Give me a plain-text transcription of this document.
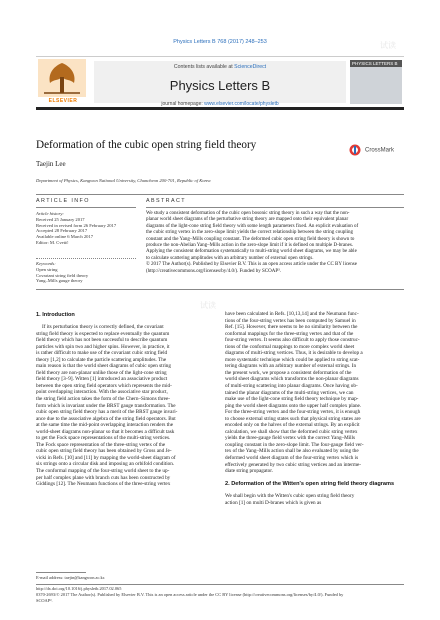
试读
试读
Physics Letters B 768 (2017) 248–253
ELSEVIER
Contents lists available at ScienceDirect
Physics Letters B
journal homepage: www.elsevier.com/locate/physletb
PHYSICS LETTERS B
Deformation of the cubic open string field theory	CrossMark
Taejin Lee
Department of Physics, Kangwon National University, Chuncheon 200-701, Republic of Korea
ARTICLE INFO	ABSTRACT
Article history:
Received 25 January 2017
Received in revised form 26 February 2017
Accepted 28 February 2017
Available online 6 March 2017
Editor: M. Cvetič
Keywords:
Open string
Covariant string field theory
Yang–Mills gauge theory
We study a consistent deformation of the cubic open bosonic string theory in such a way that the non-
planar world sheet diagrams of the perturbative string theory are mapped onto their equivalent planar
diagrams of the light-cone string field theory with some length parameters fixed. An explicit evaluation of
the cubic string vertex in the zero-slope limit yields the correct relationship between the string coupling
constant and the Yang–Mills coupling constant. The deformed cubic open string field theory is shown to
produce the non-Abelian Yang–Mills action in the zero-slope limit if it is defined on multiple D-branes.
Applying the consistent deformation systematically to multi-string world sheet diagrams, we may be able
to calculate scattering amplitudes with an arbitrary number of external open strings.
© 2017 The Author(s). Published by Elsevier B.V. This is an open access article under the CC BY license
(http://creativecommons.org/licenses/by/4.0/). Funded by SCOAP³.
1. Introduction
If its perturbation theory is correctly defined, the covariant
string field theory is expected to replace eventually the quantum
field theory which has not been successful to describe quantum
particles with spin two and higher spins. However, in practice, it
is rather difficult to make use of the covariant cubic string field
theory [1,2] to calculate the particle scattering amplitudes. The
main reason is that the world sheet diagrams of cubic open string
field theory are non-planar unlike those of the light-cone string
field theory [3–9]. Witten [1] introduced an associative product
between the open string field operators which represents the mid-
point overlapping interaction. With the associative star product,
the string field action takes the form of the Chern–Simons three-
form which is invariant under the BRST gauge transformation. The
cubic open string field theory has a merit of the BRST gauge invari-
ance due to the associative algebra of the string field operators. But
at the same time the mid-point overlapping interaction renders the
world-sheet diagrams non-planar so that it becomes a difficult task
to get the Fock space representations of the multi-string vertices.
The Fock space representation of the three-string vertex of the
cubic open string field theory has been obtained by Gross and Je-
vicki in Refs. [10] and [11] by mapping the world-sheet diagram of
six strings onto a circular disk and imposing an orbifold condition.
The conformal mapping of the four-string world sheet to the up-
per half complex plane with branch cuts has been constructed by
Giddings [12]. The Neumann functions of the three-string vertex
have been calculated in Refs. [10,13,14] and the Neumann func-
tions of the four-string vertex has been computed by Samuel in
Ref. [15]. However, there seems to be no similarity between the
conformal mappings for the three-string vertex and that of the
four-string vertex. It seems also difficult to apply those construc-
tions of the conformal mappings to more complex world sheet
diagrams of multi-string vertices. Thus, it is desirable to develop a
more systematic technique which could be applied to string scat-
tering diagrams with an arbitrary number of external strings. In
the present work, we propose a consistent deformation of the
world sheet diagrams which transforms the non-planar diagrams
of multi-string scattering into planar diagrams. Once having ob-
tained the planar diagrams of the multi-string vertices, we can
make use of the light-cone string field theory technique by map-
ping the world sheet diagrams onto the upper half complex plane.
For the three-string vertex and the four-string vertex, it is enough
to choose external string states such that physical string states are
encoded only on the halves of the external strings. By an explicit
calculation, we shall show that the deformed cubic string vertex
yields the three-gauge field vertex with the correct Yang–Mills
coupling constant in the zero-slope limit. The four-gauge field ver-
tex of the Yang–Mills action shall be also evaluated by using the
deformed world sheet diagram of the four-string vertex which is
effectively generated by two cubic string vertices and an interme-
diate string propagator.
2. Deformation of the Witten's open string field theory diagrams
We shall begin with the Witten's cubic open string field theory
action [1] on multi D-branes which is given as
E-mail address: taejin@kangwon.ac.kr.
http://dx.doi.org/10.1016/j.physletb.2017.02.065
0370-2693/© 2017 The Author(s). Published by Elsevier B.V. This is an open access article under the CC BY license (http://creativecommons.org/licenses/by/4.0/). Funded by
SCOAP³.
